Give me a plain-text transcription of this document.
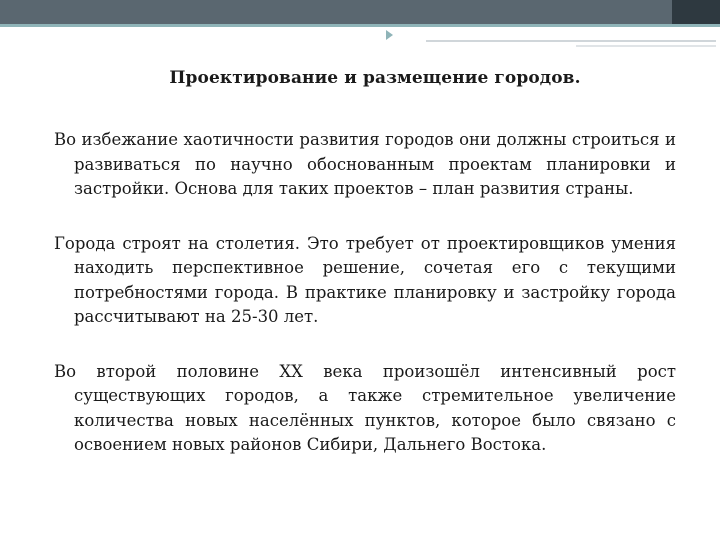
Проектирование и размещение городов.

Во избежание хаотичности развития городов они должны строиться и развиваться по научно обоснованным проектам планировки и застройки. Основа для таких проектов – план развития страны.

Города строят на столетия. Это требует от проектировщиков умения находить перспективное решение, сочетая его с текущими потребностями города. В практике планировку и застройку города рассчитывают на 25-30 лет.

Во второй половине XX века произошёл интенсивный рост существующих городов, а также стремительное увеличение количества новых населённых пунктов, которое было связано с освоением новых районов Сибири, Дальнего Востока.
